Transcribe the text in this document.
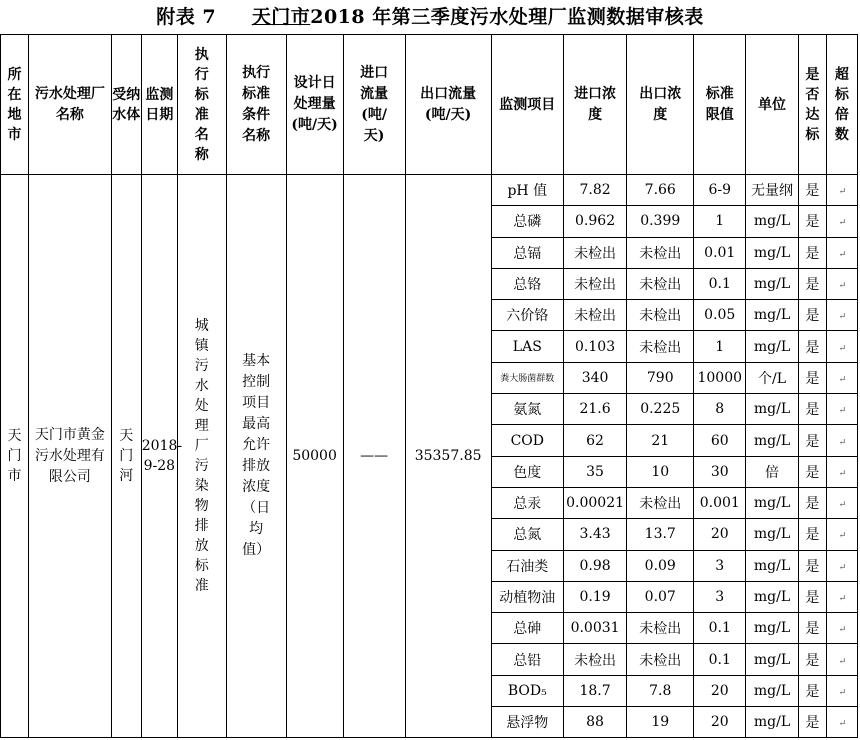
附表 7 天门市2018 年第三季度污水处理厂监测数据审核表
所在地市	污水处理厂名称	受纳水体	监测日期	执行标准名称	执行标准条件名称	设计日处理量(吨/天)	进口流量(吨/天)	出口流量(吨/天)	监测项目	进口浓度	出口浓度	标准限值	单位	是否达标	超标倍数

天门市	天门市黄金污水处理有限公司	天门河	2018-9-28	城镇污水处理厂污染物排放标准	基本控制项目最高允许排放浓度（日均值）	50000	——	35357.85	pH 值	7.82	7.66	6-9	无量纲	是	↵
									总磷	0.962	0.399	1	mg/L	是	↵
									总镉	未检出	未检出	0.01	mg/L	是	↵
									总铬	未检出	未检出	0.1	mg/L	是	↵
									六价铬	未检出	未检出	0.05	mg/L	是	↵
									LAS	0.103	未检出	1	mg/L	是	↵
									粪大肠菌群数	340	790	10000	个/L	是	↵
									氨氮	21.6	0.225	8	mg/L	是	↵
									COD	62	21	60	mg/L	是	↵
									色度	35	10	30	倍	是	↵
									总汞	0.00021	未检出	0.001	mg/L	是	↵
									总氮	3.43	13.7	20	mg/L	是	↵
									石油类	0.98	0.09	3	mg/L	是	↵
									动植物油	0.19	0.07	3	mg/L	是	↵
									总砷	0.0031	未检出	0.1	mg/L	是	↵
									总铅	未检出	未检出	0.1	mg/L	是	↵
									BOD₅	18.7	7.8	20	mg/L	是	↵
									悬浮物	88	19	20	mg/L	是	↵
